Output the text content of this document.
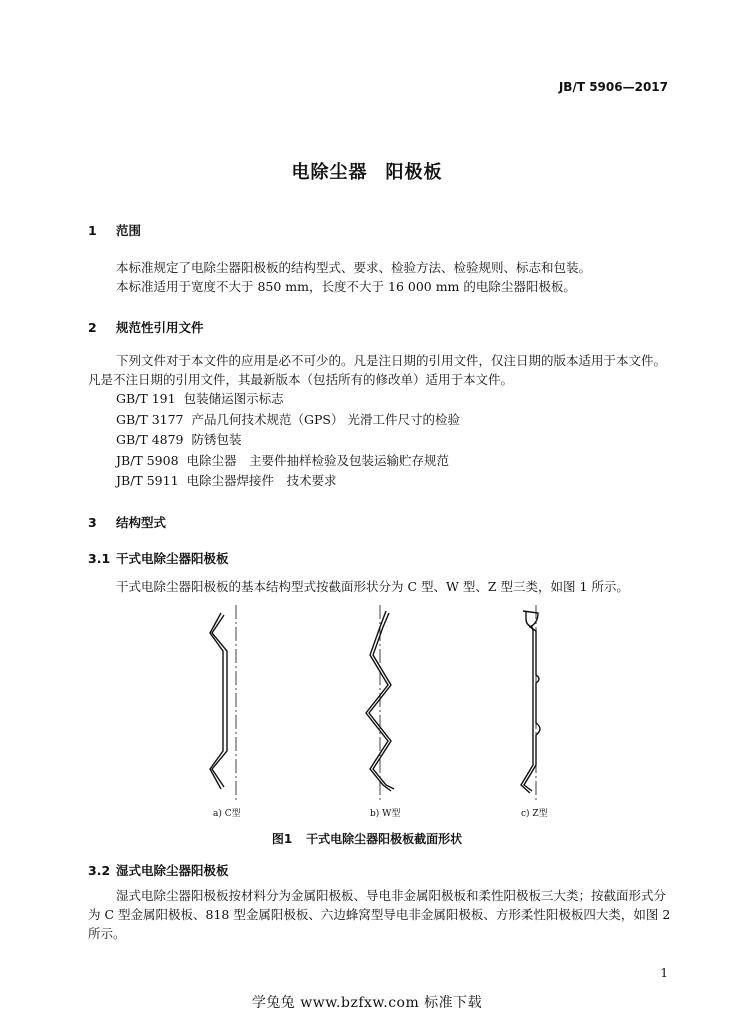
JB/T 5906—2017
电除尘器 阳极板
1 范围

本标准规定了电除尘器阳极板的结构型式、要求、检验方法、检验规则、标志和包装。

本标准适用于宽度不大于 850 mm，长度不大于 16 000 mm 的电除尘器阳极板。

2 规范性引用文件

下列文件对于本文件的应用是必不可少的。凡是注日期的引用文件，仅注日期的版本适用于本文件。凡是不注日期的引用文件，其最新版本（包括所有的修改单）适用于本文件。

GB/T 191 包装储运图示标志
GB/T 3177 产品几何技术规范（GPS） 光滑工件尺寸的检验
GB/T 4879 防锈包装
JB/T 5908 电除尘器　主要件抽样检验及包装运输贮存规范
JB/T 5911 电除尘器焊接件　技术要求
3 结构型式
3.1 干式电除尘器阳极板

干式电除尘器阳极板的基本结构型式按截面形状分为 C 型、W 型、Z 型三类，如图 1 所示。

a) C型	b) W型	c) Z型
图1 干式电除尘器阳极板截面形状
3.2 湿式电除尘器阳极板

湿式电除尘器阳极板按材料分为金属阳极板、导电非金属阳极板和柔性阳极板三大类；按截面形式分为 C 型金属阳极板、818 型金属阳极板、六边蜂窝型导电非金属阳极板、方形柔性阳极板四大类，如图 2 所示。

1
学兔兔 www.bzfxw.com 标准下载
